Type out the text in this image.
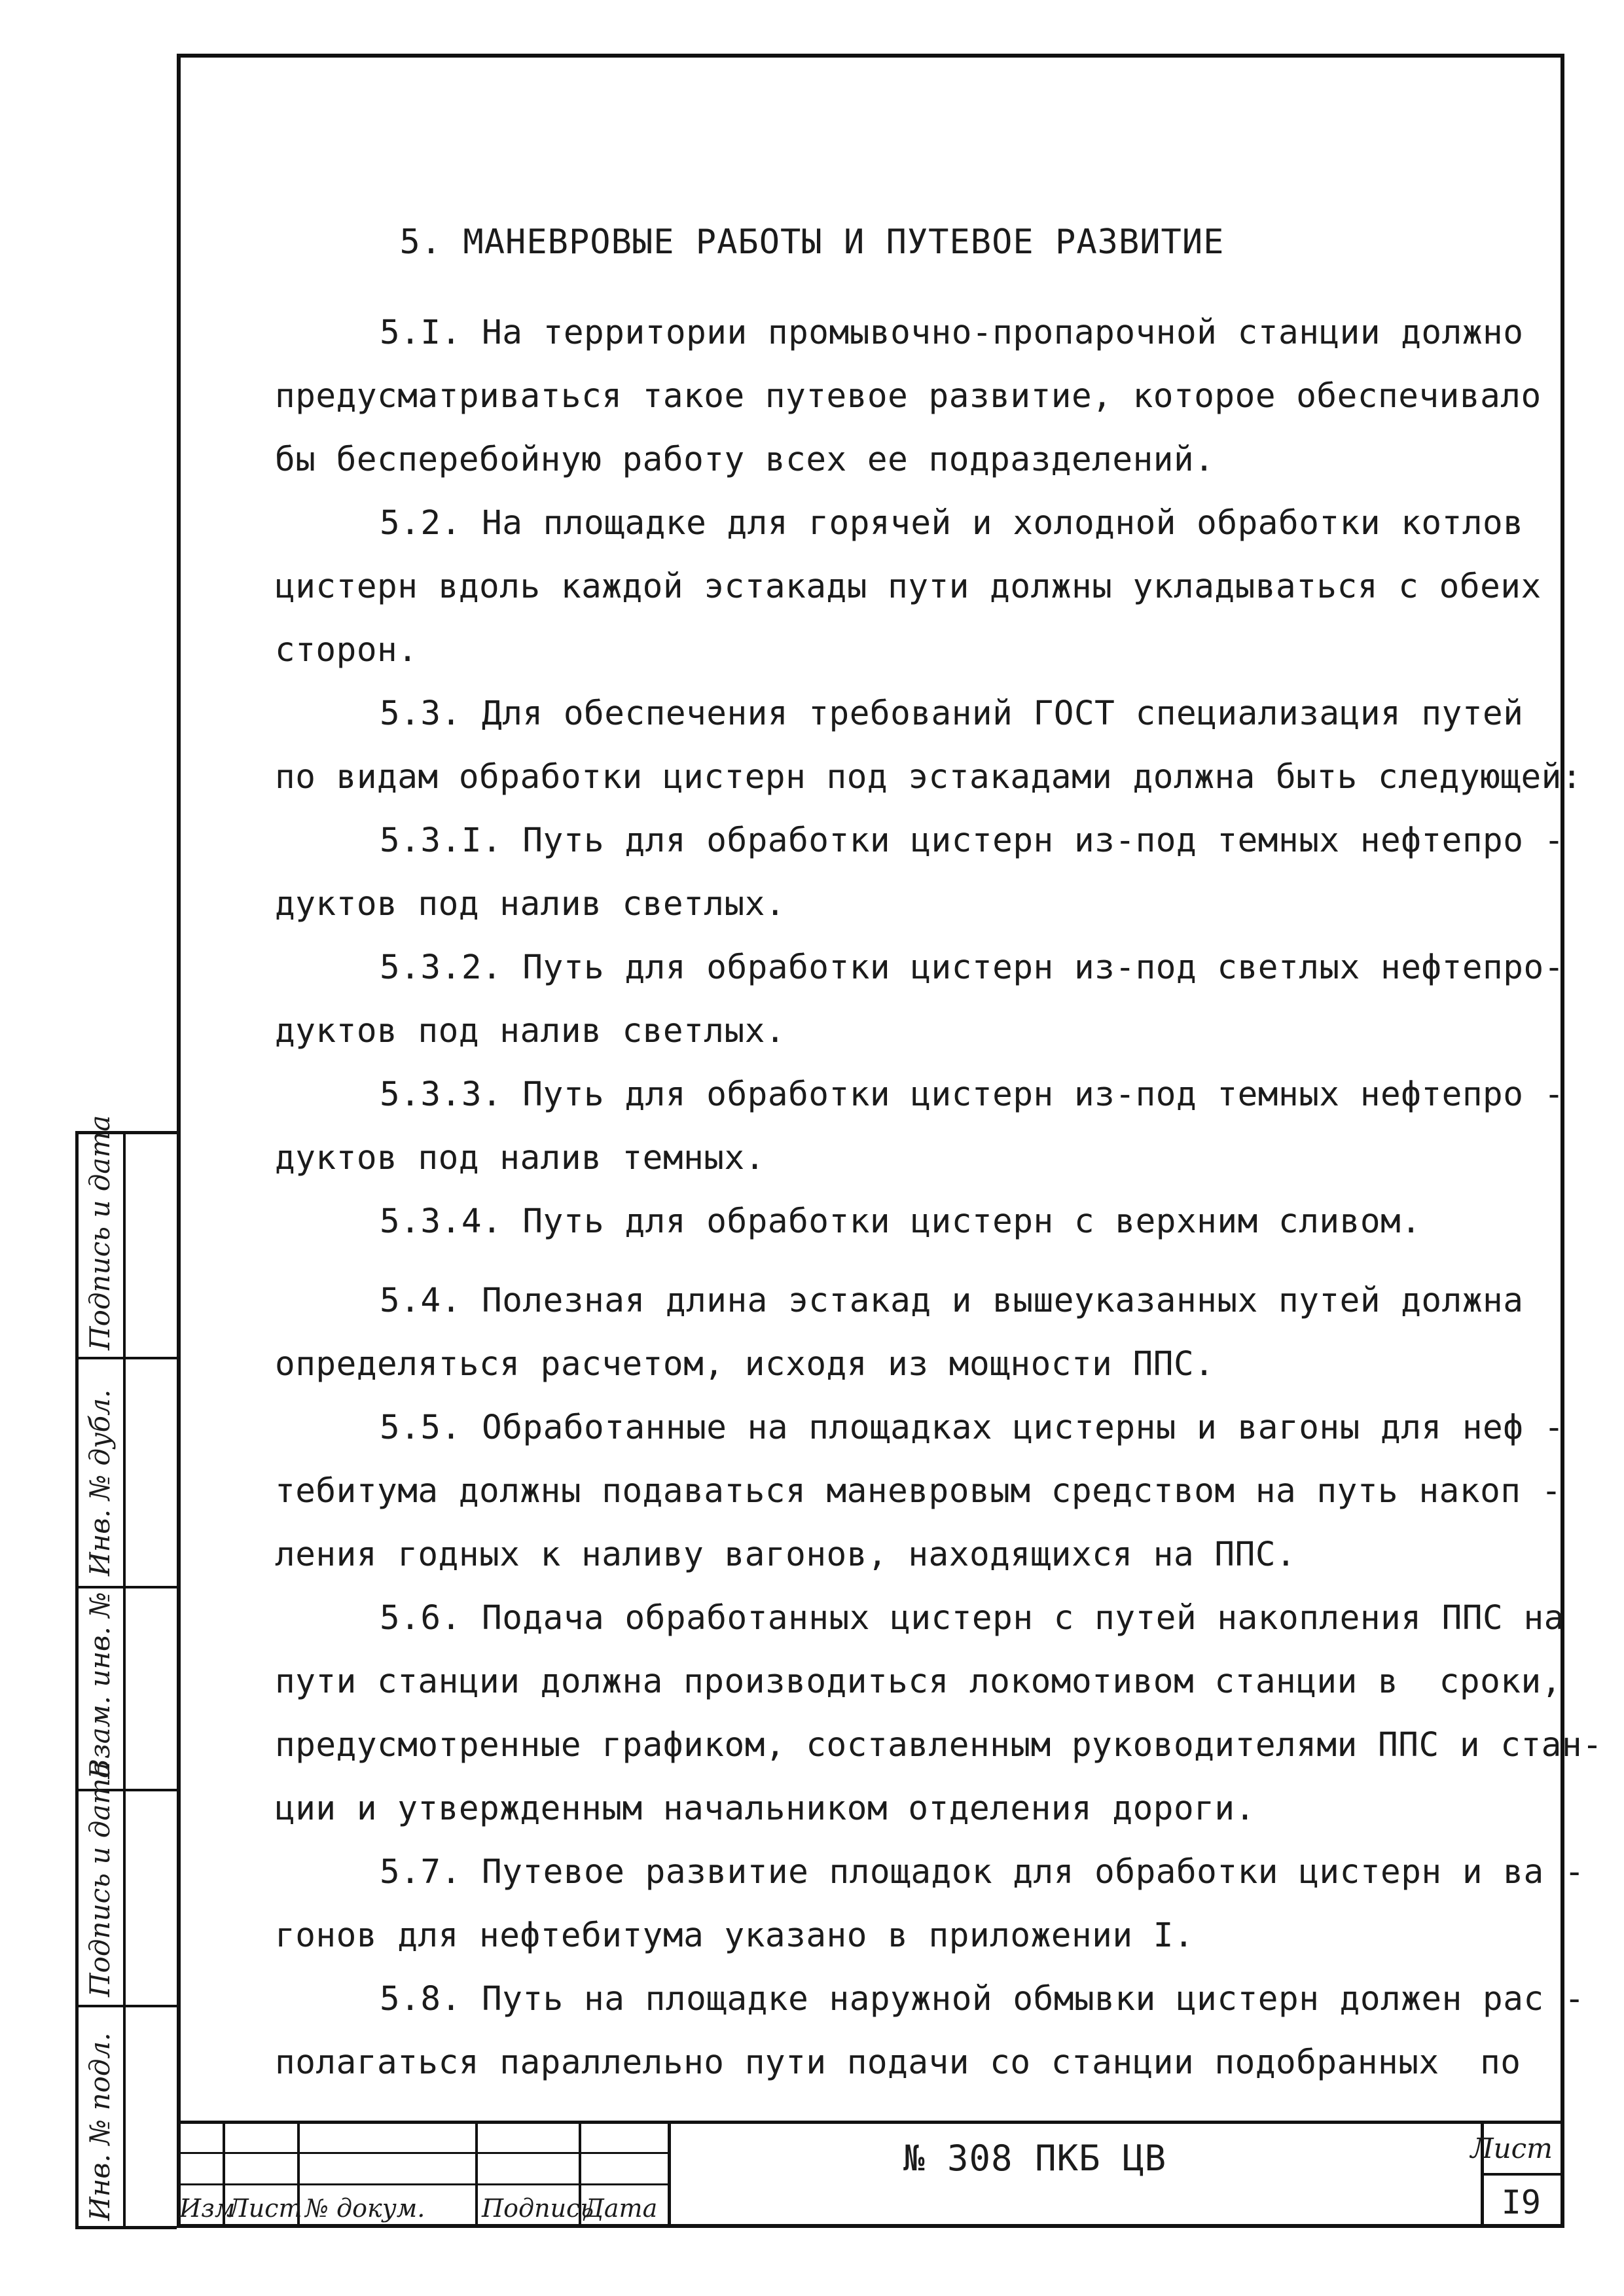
5. МАНЕВРОВЫЕ РАБОТЫ И ПУТЕВОЕ РАЗВИТИЕ
5.I. На территории промывочно-пропарочной станции должно
предусматриваться такое путевое развитие, которое обеспечивало
бы бесперебойную работу всех ее подразделений.
5.2. На площадке для горячей и холодной обработки котлов
цистерн вдоль каждой эстакады пути должны укладываться с обеих
сторон.
5.3. Для обеспечения требований ГОСТ специализация путей
по видам обработки цистерн под эстакадами должна быть следующей:
5.3.I. Путь для обработки цистерн из-под темных нефтепро -
дуктов под налив светлых.
5.3.2. Путь для обработки цистерн из-под светлых нефтепро-
дуктов под налив светлых.
5.3.3. Путь для обработки цистерн из-под темных нефтепро -
дуктов под налив темных.
5.3.4. Путь для обработки цистерн с верхним сливом.
5.4. Полезная длина эстакад и вышеуказанных путей должна
определяться расчетом, исходя из мощности ППС.
5.5. Обработанные на площадках цистерны и вагоны для неф -
тебитума должны подаваться маневровым средством на путь накоп -
ления годных к наливу вагонов, находящихся на ППС.
5.6. Подача обработанных цистерн с путей накопления ППС на
пути станции должна производиться локомотивом станции в  сроки,
предусмотренные графиком, составленным руководителями ППС и стан-
ции и утвержденным начальником отделения дороги.
5.7. Путевое развитие площадок для обработки цистерн и ва -
гонов для нефтебитума указано в приложении I.
5.8. Путь на площадке наружной обмывки цистерн должен рас -
полагаться параллельно пути подачи со станции подобранных  по
Инв. № подл.
Подпись и дата
Взам. инв. №
Инв. № дубл.
Подпись и дата
Изм
Лист № докум. Подпись
Дата
№ 308 ПКБ ЦВ	Лист
I9
